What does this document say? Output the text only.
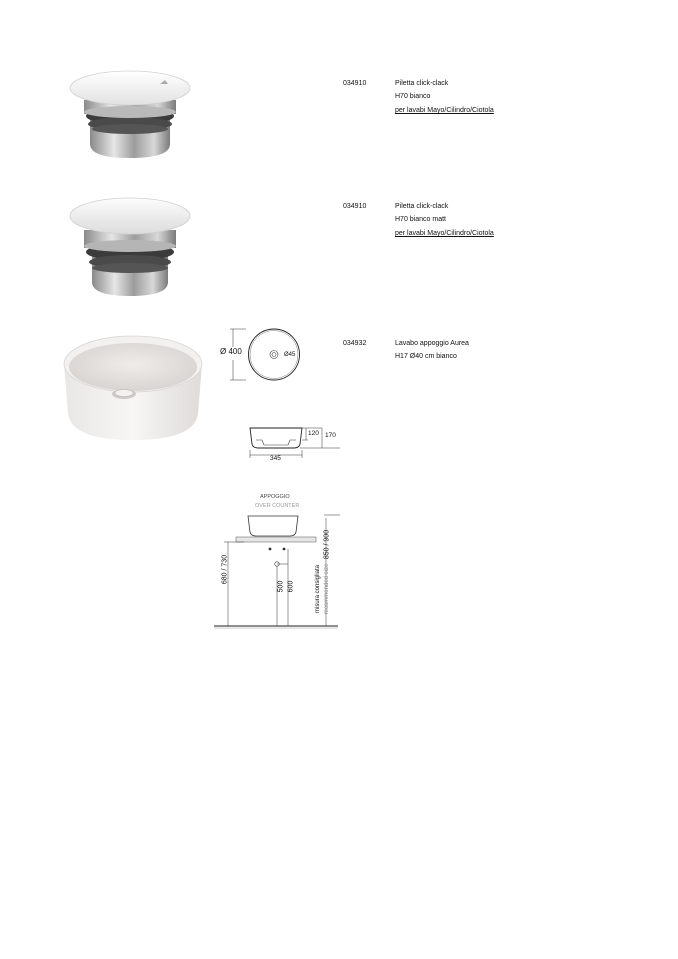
034910	Piletta click-clack
H70 bianco
per lavabi Mayo/Cilindro/Ciotola
034910	Piletta click-clack
H70 bianco matt
per lavabi Mayo/Cilindro/Ciotola
Ø 400	Ø45
120 170
345
034932	Lavabo appoggio Aurea
H17 Ø40 cm bianco
APPOGGIO
OVER COUNTER
680 / 730
500 600	misura consigliata recommended size
850 / 900
